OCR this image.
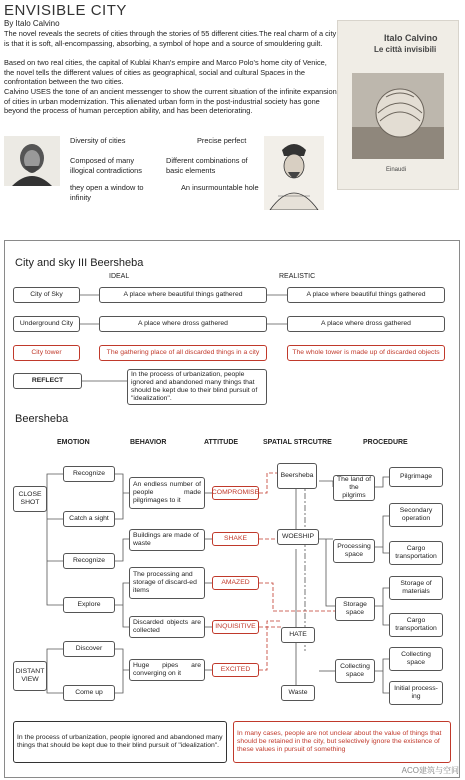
ENVISIBLE CITY
By Italo Calvino
The novel reveals the secrets of cities through the stories of 55 different cities.The real charm of a city is that it is soft, all-encompassing, absorbing, a symbol of hope and a source of smouldering guilt.
Based on two real cities, the capital of Kublai Khan's empire and Marco Polo's home city of Venice, the novel tells the different values of cities as geographical, social and cultural Spaces in the confrontation between the two cities.
Calvino USES the tone of an ancient messenger to show the current situation of the infinite expansion of cities in urban modernization. This alienated urban form in the post-industrial society has gone beyond the process of human perception ability, and has been deteriorating.
Diversity of cities
Composed of many illogical contradictions
they open a window to infinity
Precise perfect
Different combinations of basic elements
An insurmountable hole
Italo Calvino
Le città invisibili
Einaudi
City and sky III Beersheba
IDEAL	REALISTIC
City of Sky	A place where beautiful things gathered	A place where beautiful things gathered
Underground City	A place where dross gathered	A place where dross gathered
City tower	The gathering place of all discarded things in a city	The whole tower is made up of discarded objects
REFLECT
In the process of urbanization, people ignored and abandoned many things that should be kept due to their blind pursuit of "idealization".
Beersheba
EMOTION	BEHAVIOR	ATTITUDE	SPATIAL STRCUTRE	PROCEDURE
CLOSE SHOT
DISTANT VIEW
Recognize
Catch a sight
Recognize
Explore
Discover
Come up
An endless number of people made pilgrimages to it
Buildings are made of waste
The processing and storage of discard-ed items
Discarded objects are collected
Huge pipes are converging on it
COMPROMISE
SHAKE
AMAZED
INQUISITIVE
EXCITED
Beersheba
WOESHIP
HATE
Waste
The land of the pilgrims
Processing space
Storage space
Collecting space
Pilgrimage
Secondary operation
Cargo transportation
Storage of materials
Cargo transportation
Collecting space
Initial process-ing
In the process of urbanization, people ignored and abandoned many things that should be kept due to their blind pursuit of "idealization".
In many cases, people are not unclear about the value of things that should be retained in the city, but selectively ignore the existence of these values in pursuit of something
ACO建筑与空间
